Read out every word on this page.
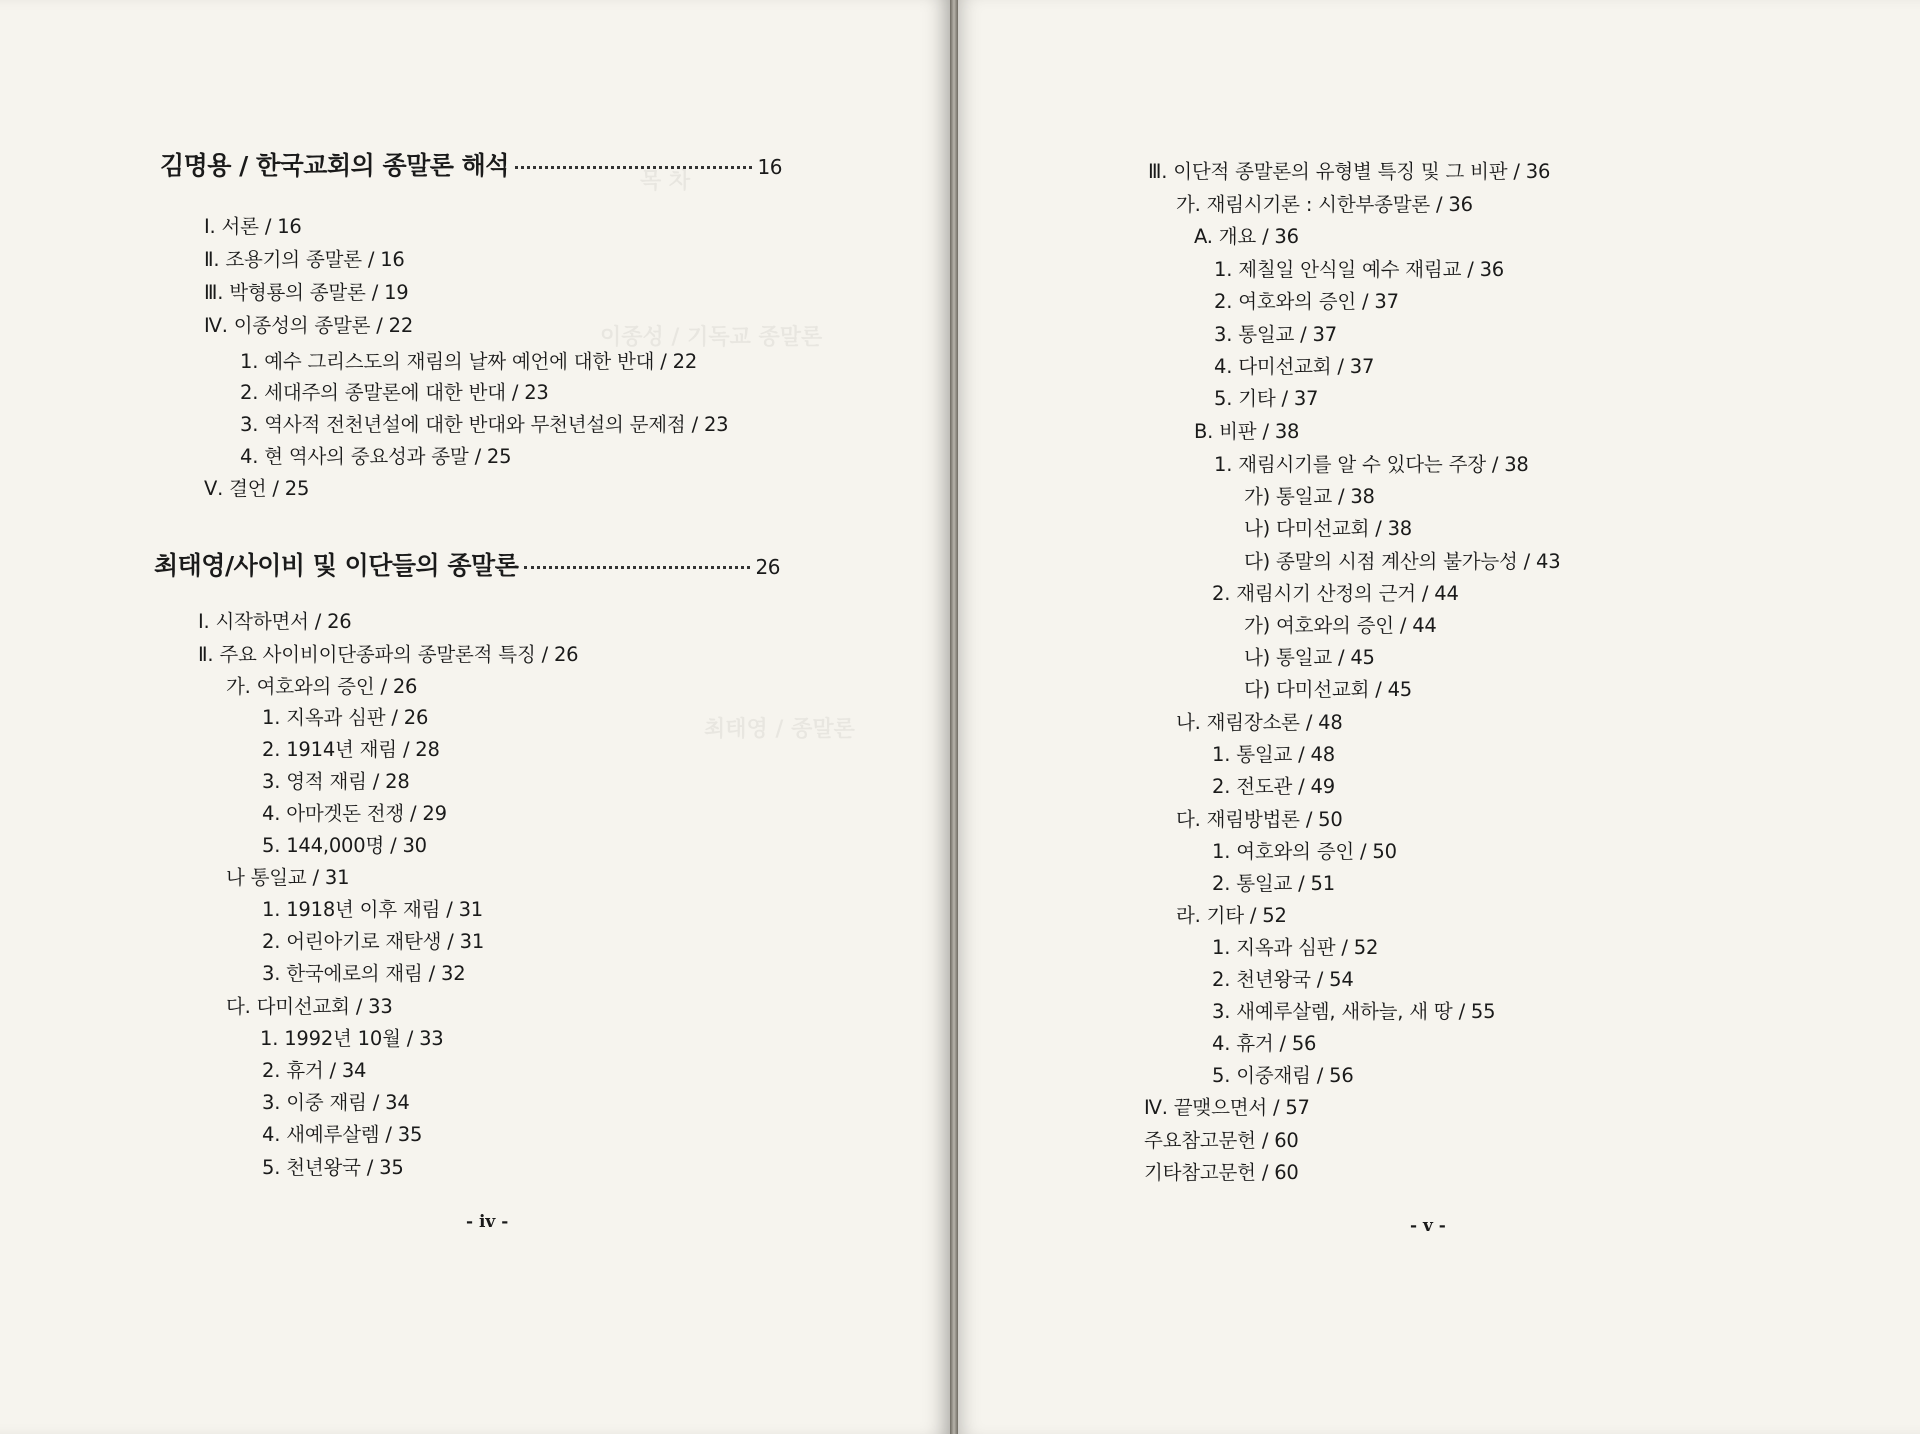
목 차
이종성 / 기독교 종말론
최태영 / 종말론
김명용 / 한국교회의 종말론 해석	16
Ⅰ. 서론 / 16
Ⅱ. 조용기의 종말론 / 16
Ⅲ. 박형룡의 종말론 / 19
Ⅳ. 이종성의 종말론 / 22
1. 예수 그리스도의 재림의 날짜 예언에 대한 반대 / 22
2. 세대주의 종말론에 대한 반대 / 23
3. 역사적 전천년설에 대한 반대와 무천년설의 문제점 / 23
4. 현 역사의 중요성과 종말 / 25
Ⅴ. 결언 / 25
최태영/사이비 및 이단들의 종말론	26
Ⅰ. 시작하면서 / 26
Ⅱ. 주요 사이비이단종파의 종말론적 특징 / 26
가. 여호와의 증인 / 26
1. 지옥과 심판 / 26
2. 1914년 재림 / 28
3. 영적 재림 / 28
4. 아마겟돈 전쟁 / 29
5. 144,000명 / 30
나 통일교 / 31
1. 1918년 이후 재림 / 31
2. 어린아기로 재탄생 / 31
3. 한국에로의 재림 / 32
다. 다미선교회 / 33
1. 1992년 10월 / 33
2. 휴거 / 34
3. 이중 재림 / 34
4. 새예루살렘 / 35
5. 천년왕국 / 35
- iv -
Ⅲ. 이단적 종말론의 유형별 특징 및 그 비판 / 36
가. 재림시기론 : 시한부종말론 / 36
A. 개요 / 36
1. 제칠일 안식일 예수 재림교 / 36
2. 여호와의 증인 / 37
3. 통일교 / 37
4. 다미선교회 / 37
5. 기타 / 37
B. 비판 / 38
1. 재림시기를 알 수 있다는 주장 / 38
가) 통일교 / 38
나) 다미선교회 / 38
다) 종말의 시점 계산의 불가능성 / 43
2. 재림시기 산정의 근거 / 44
가) 여호와의 증인 / 44
나) 통일교 / 45
다) 다미선교회 / 45
나. 재림장소론 / 48
1. 통일교 / 48
2. 전도관 / 49
다. 재림방법론 / 50
1. 여호와의 증인 / 50
2. 통일교 / 51
라. 기타 / 52
1. 지옥과 심판 / 52
2. 천년왕국 / 54
3. 새예루살렘, 새하늘, 새 땅 / 55
4. 휴거 / 56
5. 이중재림 / 56
Ⅳ. 끝맺으면서 / 57
주요참고문헌 / 60
기타참고문헌 / 60
- v -
